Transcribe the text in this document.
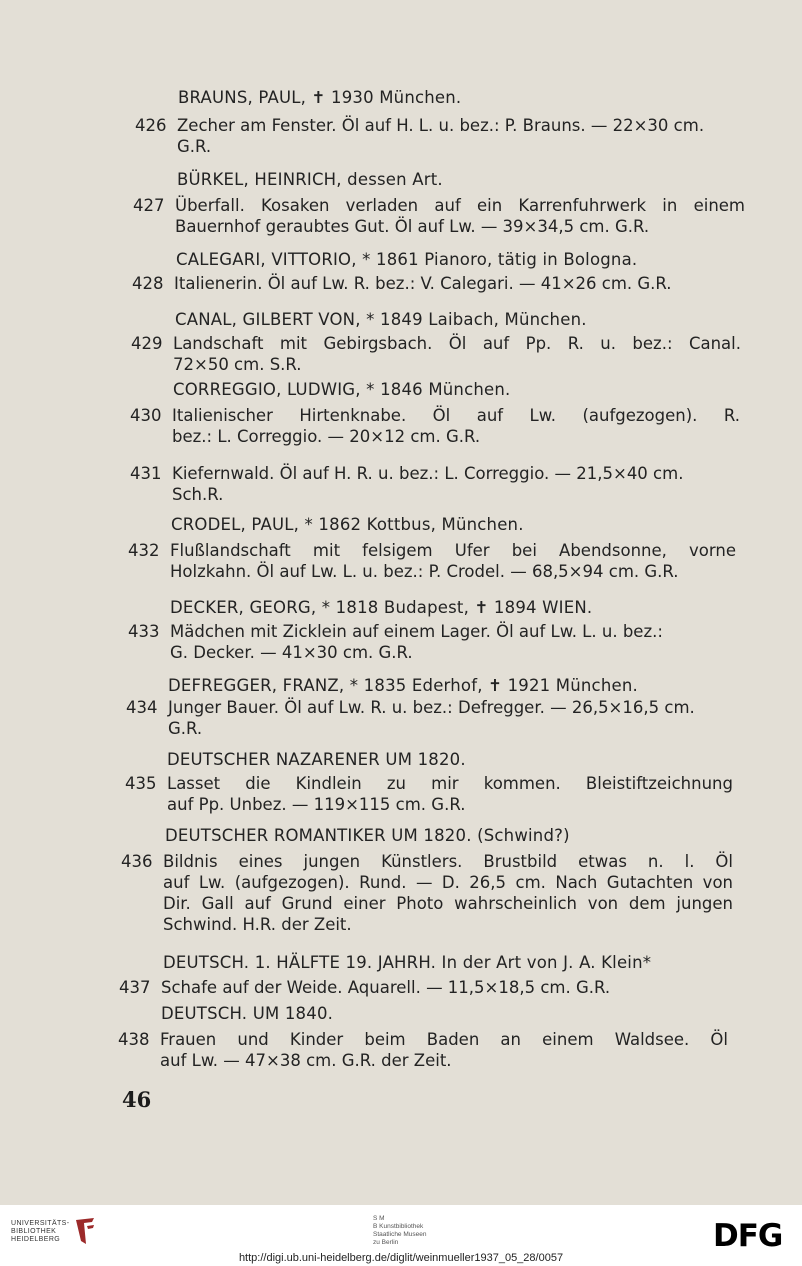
BRAUNS, PAUL, ✝ 1930 München.
426 Zecher am Fenster. Öl auf H. L. u. bez.: P. Brauns. — 22×30 cm.
G.R.
BÜRKEL, HEINRICH, dessen Art.
427 Überfall. Kosaken verladen auf ein Karrenfuhrwerk in einem
Bauernhof geraubtes Gut. Öl auf Lw. — 39×34,5 cm. G.R.
CALEGARI, VITTORIO, * 1861 Pianoro, tätig in Bologna.
428 Italienerin. Öl auf Lw. R. bez.: V. Calegari. — 41×26 cm. G.R.
CANAL, GILBERT VON, * 1849 Laibach, München.
429 Landschaft mit Gebirgsbach. Öl auf Pp. R. u. bez.: Canal.
72×50 cm. S.R.
CORREGGIO, LUDWIG, * 1846 München.
430 Italienischer Hirtenknabe. Öl auf Lw. (aufgezogen). R.
bez.: L. Correggio. — 20×12 cm. G.R.
431 Kiefernwald. Öl auf H. R. u. bez.: L. Correggio. — 21,5×40 cm.
Sch.R.
CRODEL, PAUL, * 1862 Kottbus, München.
432 Flußlandschaft mit felsigem Ufer bei Abendsonne, vorne
Holzkahn. Öl auf Lw. L. u. bez.: P. Crodel. — 68,5×94 cm. G.R.
DECKER, GEORG, * 1818 Budapest, ✝ 1894 WIEN.
433 Mädchen mit Zicklein auf einem Lager. Öl auf Lw. L. u. bez.:
G. Decker. — 41×30 cm. G.R.
DEFREGGER, FRANZ, * 1835 Ederhof, ✝ 1921 München.
434 Junger Bauer. Öl auf Lw. R. u. bez.: Defregger. — 26,5×16,5 cm.
G.R.
DEUTSCHER NAZARENER UM 1820.
435 Lasset die Kindlein zu mir kommen. Bleistiftzeichnung
auf Pp. Unbez. — 119×115 cm. G.R.
DEUTSCHER ROMANTIKER UM 1820. (Schwind?)
436 Bildnis eines jungen Künstlers. Brustbild etwas n. l. Öl
auf Lw. (aufgezogen). Rund. — D. 26,5 cm. Nach Gutachten von
Dir. Gall auf Grund einer Photo wahrscheinlich von dem jungen
Schwind. H.R. der Zeit.
DEUTSCH. 1. HÄLFTE 19. JAHRH. In der Art von J. A. Klein*
437 Schafe auf der Weide. Aquarell. — 11,5×18,5 cm. G.R.
DEUTSCH. UM 1840.
438 Frauen und Kinder beim Baden an einem Waldsee. Öl
auf Lw. — 47×38 cm. G.R. der Zeit.
46
UNIVERSITÄTS-
BIBLIOTHEK
HEIDELBERG
S M
B Kunstbibliothek
Staatliche Museen
zu Berlin	DFG
http://digi.ub.uni-heidelberg.de/diglit/weinmueller1937_05_28/0057
